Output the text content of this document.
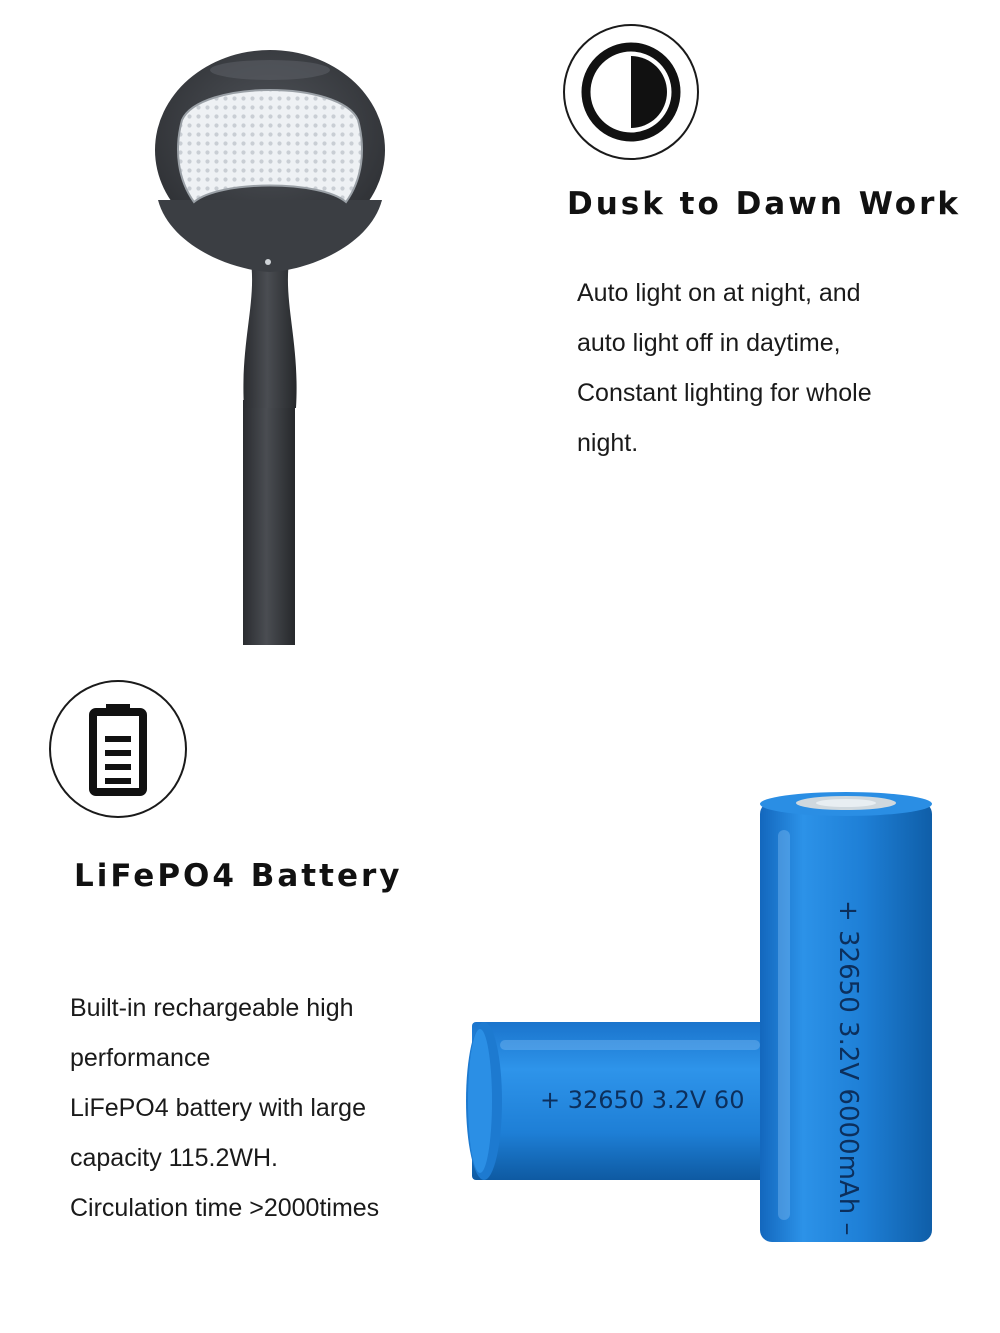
Dusk to Dawn Work
Auto light on at night, and
auto light off in daytime,
Constant lighting for whole
night.
LiFePO4 Battery
Built-in rechargeable high
performance
LiFePO4 battery with large
capacity 115.2WH.
Circulation time >2000times
+ 32650 3.2V 60	+ 32650 3.2V 6000mAh –
